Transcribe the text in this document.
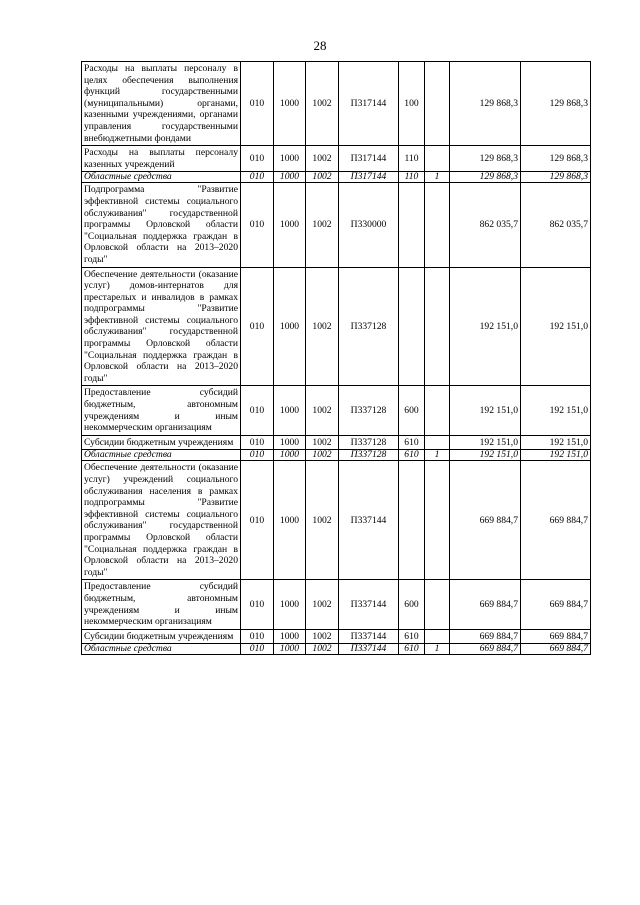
28
Расходы на выплаты персоналу в целях обеспечения выполнения функций государственными (муниципальными) органами, казенными учреждениями, органами управления государственными внебюджетными фондами	010	1000	1002	П317144	100		129 868,3	129 868,3
Расходы на выплаты персоналу казенных учреждений	010	1000	1002	П317144	110		129 868,3	129 868,3
Областные средства	010	1000	1002	П317144	110	1	129 868,3	129 868,3
Подпрограмма "Развитие эффективной системы социального обслуживания" государственной программы Орловской области "Социальная поддержка граждан в Орловской области на 2013–2020 годы"	010	1000	1002	П330000			862 035,7	862 035,7
Обеспечение деятельности (оказание услуг) домов-интернатов для престарелых и инвалидов в рамках подпрограммы "Развитие эффективной системы социального обслуживания" государственной программы Орловской области "Социальная поддержка граждан в Орловской области на 2013–2020 годы"	010	1000	1002	П337128			192 151,0	192 151,0
Предоставление субсидий бюджетным, автономным учреждениям и иным некоммерческим организациям	010	1000	1002	П337128	600		192 151,0	192 151,0
Субсидии бюджетным учреждениям	010	1000	1002	П337128	610		192 151,0	192 151,0
Областные средства	010	1000	1002	П337128	610	1	192 151,0	192 151,0
Обеспечение деятельности (оказание услуг) учреждений социального обслуживания населения в рамках подпрограммы "Развитие эффективной системы социального обслуживания" государственной программы Орловской области "Социальная поддержка граждан в Орловской области на 2013–2020 годы"	010	1000	1002	П337144			669 884,7	669 884,7
Предоставление субсидий бюджетным, автономным учреждениям и иным некоммерческим организациям	010	1000	1002	П337144	600		669 884,7	669 884,7
Субсидии бюджетным учреждениям	010	1000	1002	П337144	610		669 884,7	669 884,7
Областные средства	010	1000	1002	П337144	610	1	669 884,7	669 884,7
